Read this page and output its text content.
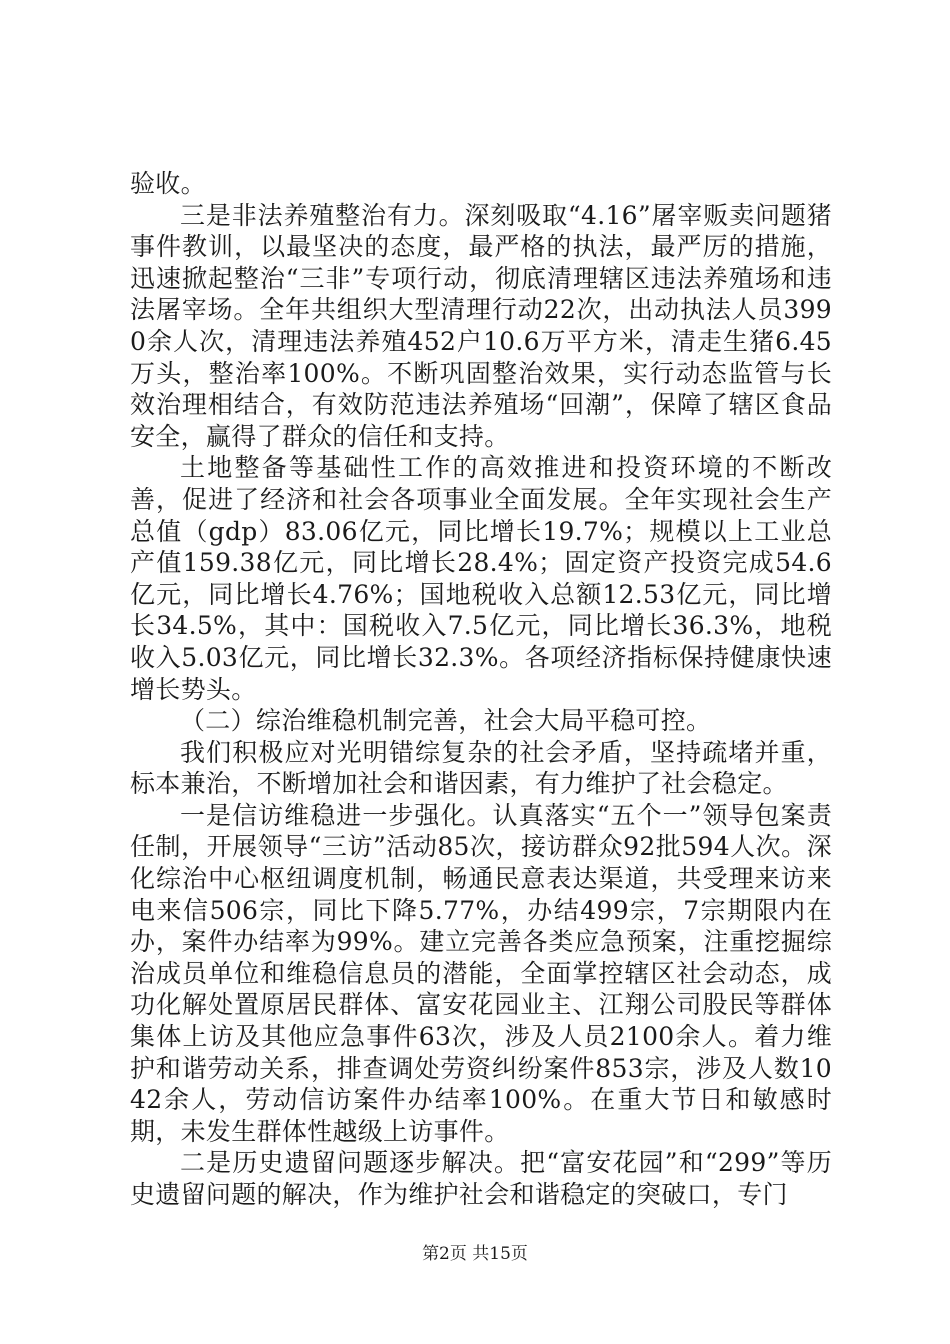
验收。

三是非法养殖整治有力。深刻吸取“4.16”屠宰贩卖问题猪事件教训，以最坚决的态度，最严格的执法，最严厉的措施，迅速掀起整治“三非”专项行动，彻底清理辖区违法养殖场和违法屠宰场。全年共组织大型清理行动22次，出动执法人员3990余人次，清理违法养殖452户10.6万平方米，清走生猪6.45万头，整治率100%。不断巩固整治效果，实行动态监管与长效治理相结合，有效防范违法养殖场“回潮”，保障了辖区食品安全，赢得了群众的信任和支持。

土地整备等基础性工作的高效推进和投资环境的不断改善，促进了经济和社会各项事业全面发展。全年实现社会生产总值（gdp）83.06亿元，同比增长19.7%；规模以上工业总产值159.38亿元，同比增长28.4%；固定资产投资完成54.6亿元，同比增长4.76%；国地税收入总额12.53亿元，同比增长34.5%，其中：国税收入7.5亿元，同比增长36.3%，地税收入5.03亿元，同比增长32.3%。各项经济指标保持健康快速增长势头。

（二）综治维稳机制完善，社会大局平稳可控。

我们积极应对光明错综复杂的社会矛盾，坚持疏堵并重，标本兼治，不断增加社会和谐因素，有力维护了社会稳定。

一是信访维稳进一步强化。认真落实“五个一”领导包案责任制，开展领导“三访”活动85次，接访群众92批594人次。深化综治中心枢纽调度机制，畅通民意表达渠道，共受理来访来电来信506宗，同比下降5.77%，办结499宗，7宗期限内在办，案件办结率为99%。建立完善各类应急预案，注重挖掘综治成员单位和维稳信息员的潜能，全面掌控辖区社会动态，成功化解处置原居民群体、富安花园业主、江翔公司股民等群体集体上访及其他应急事件63次，涉及人员2100余人。着力维护和谐劳动关系，排查调处劳资纠纷案件853宗，涉及人数1042余人，劳动信访案件办结率100%。在重大节日和敏感时期，未发生群体性越级上访事件。

二是历史遗留问题逐步解决。把“富安花园”和“299”等历史遗留问题的解决，作为维护社会和谐稳定的突破口，专门

第2页 共15页
